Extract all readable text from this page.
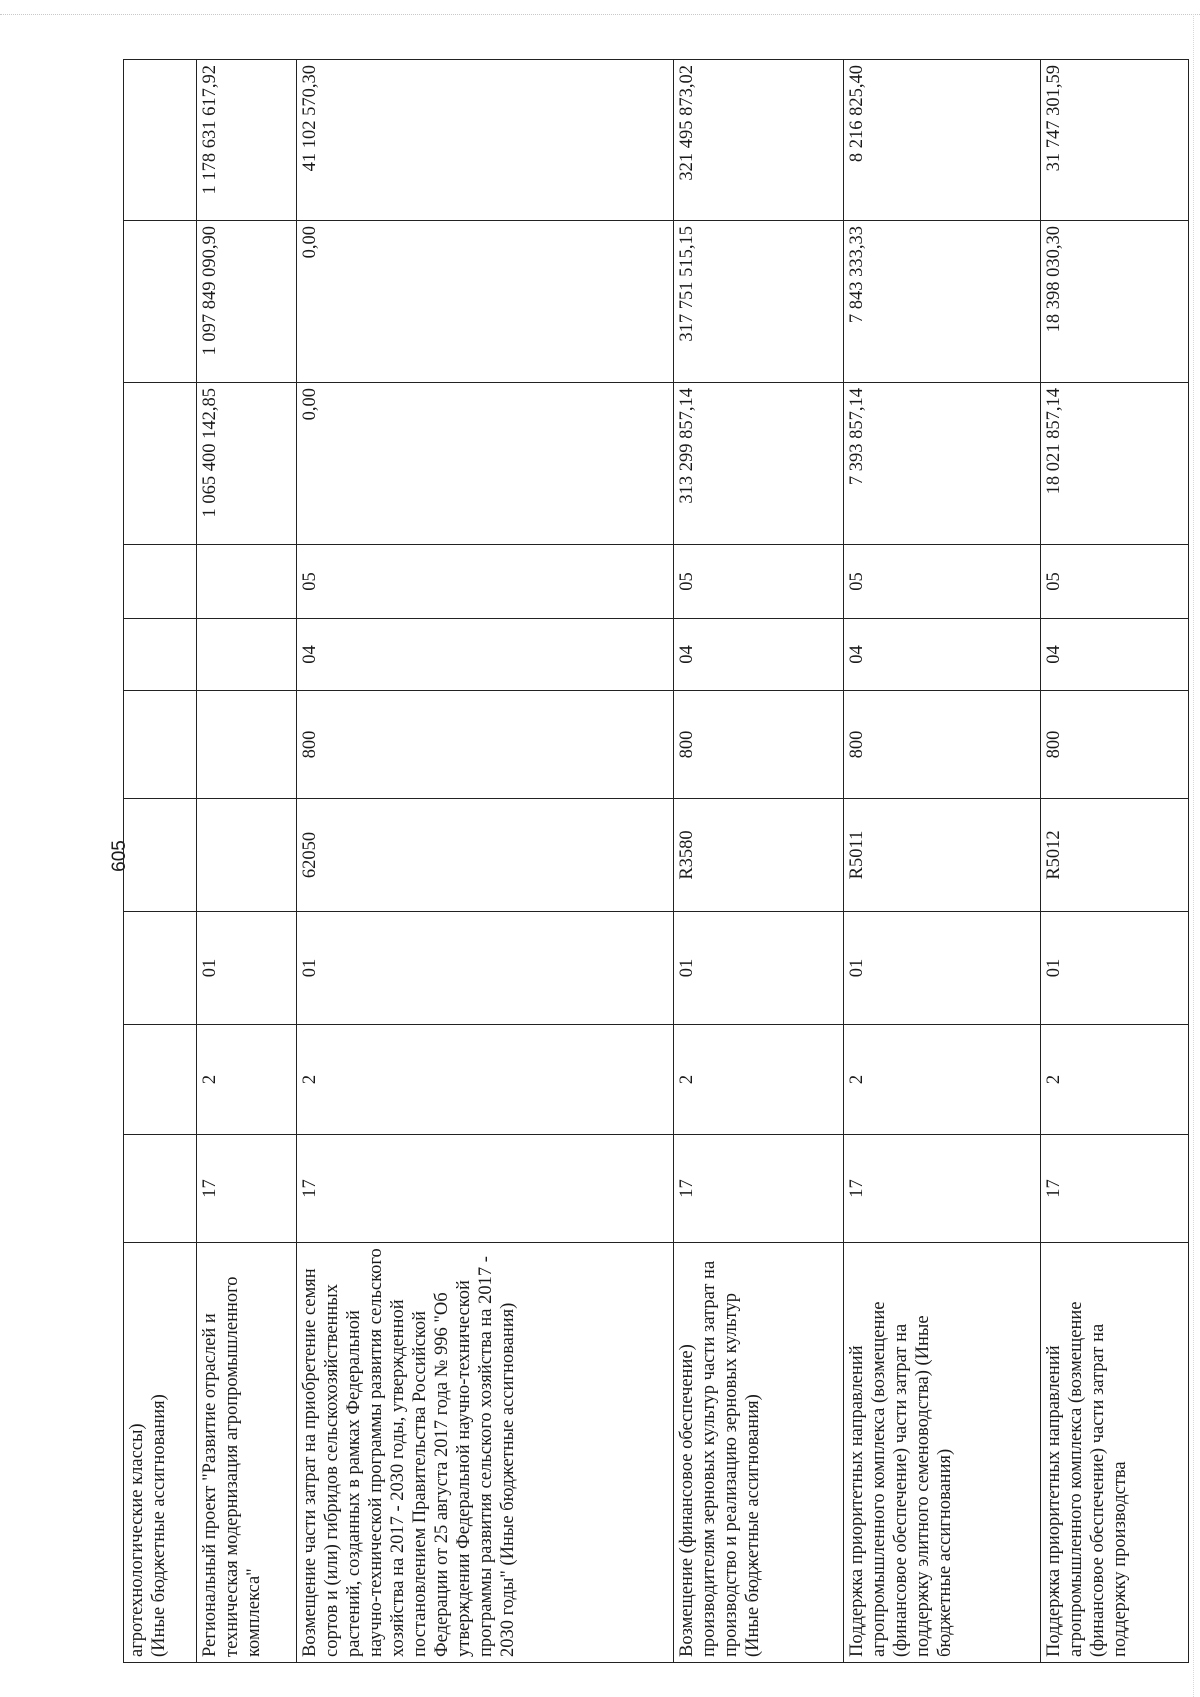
605
агротехнологические классы)
(Иные бюджетные ассигнования)										
Региональный проект "Развитие отраслей и техническая модернизация агропромышленного комплекса"	17	2	01					1 065 400 142,85	1 097 849 090,90	1 178 631 617,92
Возмещение части затрат на приобретение семян сортов и (или) гибридов сельскохозяйственных растений, созданных в рамках Федеральной научно-технической программы развития сельского хозяйства на 2017 - 2030 годы, утвержденной постановлением Правительства Российской Федерации от 25 августа 2017 года № 996 "Об утверждении Федеральной научно-технической программы развития сельского хозяйства на 2017 - 2030 годы" (Иные бюджетные ассигнования)	17	2	01	62050	800	04	05	0,00	0,00	41 102 570,30
Возмещение (финансовое обеспечение) производителям зерновых культур части затрат на производство и реализацию зерновых культур (Иные бюджетные ассигнования)	17	2	01	R3580	800	04	05	313 299 857,14	317 751 515,15	321 495 873,02
Поддержка приоритетных направлений агропромышленного комплекса (возмещение (финансовое обеспечение) части затрат на поддержку элитного семеноводства) (Иные бюджетные ассигнования)	17	2	01	R5011	800	04	05	7 393 857,14	7 843 333,33	8 216 825,40
Поддержка приоритетных направлений агропромышленного комплекса (возмещение (финансовое обеспечение) части затрат на поддержку производства	17	2	01	R5012	800	04	05	18 021 857,14	18 398 030,30	31 747 301,59
